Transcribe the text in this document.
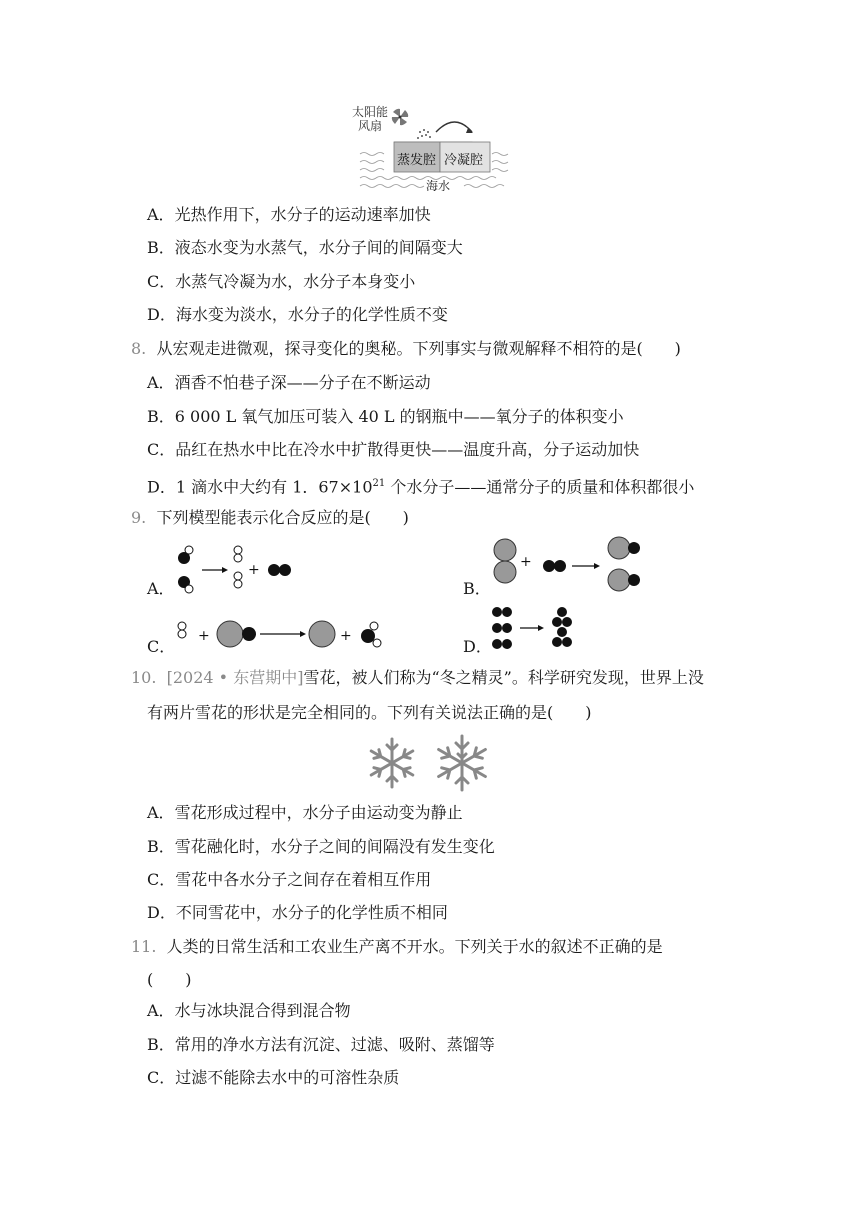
太阳能
风扇
蒸发腔 冷凝腔
海水
A．光热作用下，水分子的运动速率加快
B．液态水变为水蒸气，水分子间的间隔变大
C．水蒸气冷凝为水，水分子本身变小
D．海水变为淡水，水分子的化学性质不变
8. 从宏观走进微观，探寻变化的奥秘。下列事实与微观解释不相符的是(　　)
A．酒香不怕巷子深——分子在不断运动
B．6 000 L 氧气加压可装入 40 L 的钢瓶中——氧分子的体积变小
C．品红在热水中比在冷水中扩散得更快——温度升高，分子运动加快
D．1 滴水中大约有 1．$67\times 10^{21}$ 个水分子——通常分子的质量和体积都很小
9. 下列模型能表示化合反应的是(　　)
A．
+
B．
+
C．
+	+
D．
10. [2024 • 东营期中]雪花，被人们称为“冬之精灵”。科学研究发现，世界上没
有两片雪花的形状是完全相同的。下列有关说法正确的是(　　)
A．雪花形成过程中，水分子由运动变为静止
B．雪花融化时，水分子之间的间隔没有发生变化
C．雪花中各水分子之间存在着相互作用
D．不同雪花中，水分子的化学性质不相同
11. 人类的日常生活和工农业生产离不开水。下列关于水的叙述不正确的是
(　　)
A．水与冰块混合得到混合物
B．常用的净水方法有沉淀、过滤、吸附、蒸馏等
C．过滤不能除去水中的可溶性杂质
